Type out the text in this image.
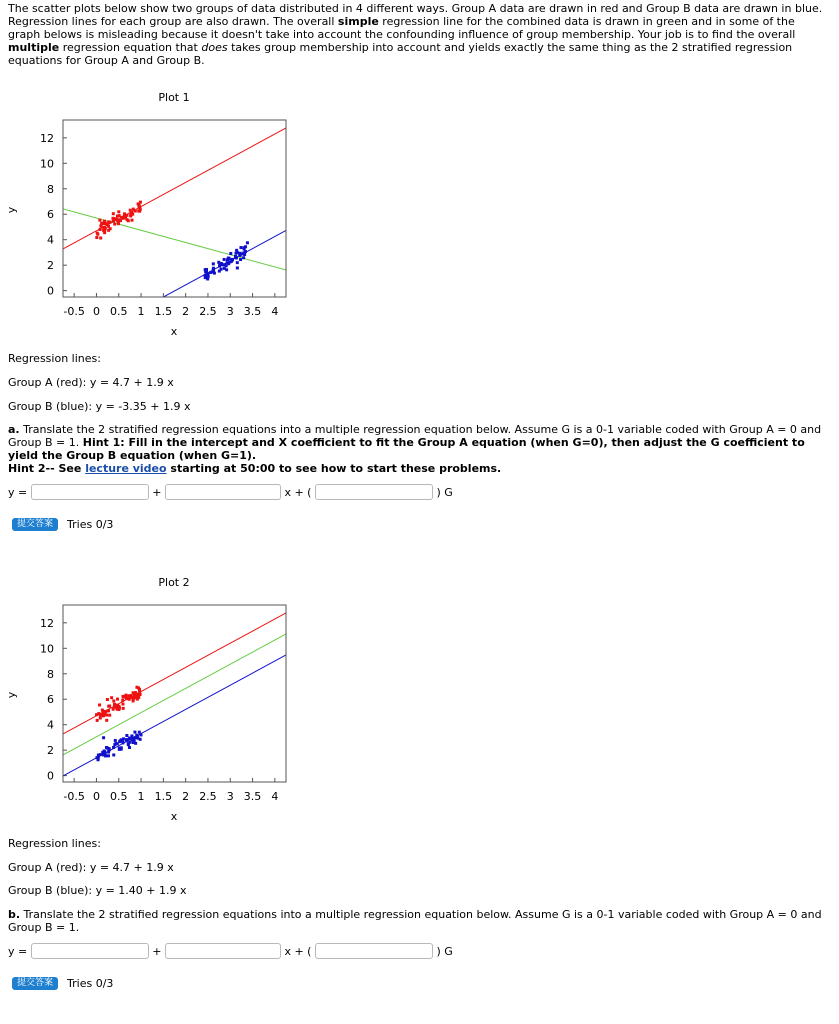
The scatter plots below show two groups of data distributed in 4 different ways. Group A data are drawn in red and Group B data are drawn in blue. Regression lines for each group are also drawn. The overall simple regression line for the combined data is drawn in green and in some of the graph belows is misleading because it doesn't take into account the confounding influence of group membership. Your job is to find the overall multiple regression equation that does takes group membership into account and yields exactly the same thing as the 2 stratified regression equations for Group A and Group B.
Plot 1
x
y
-0.5 0 0.5 1 1.5 2 2.5 3 3.5 4
0
2
4
6
8
10
12
Regression lines:
Group A (red): y = 4.7 + 1.9 x
Group B (blue): y = -3.35 + 1.9 x
a. Translate the 2 stratified regression equations into a multiple regression equation below. Assume G is a 0-1 variable coded with Group A = 0 and Group B = 1. Hint 1: Fill in the intercept and X coefficient to fit the Group A equation (when G=0), then adjust the G coefficient to yield the Group B equation (when G=1).
Hint 2-- See lecture video starting at 50:00 to see how to start these problems.
y =	+	x + (	) G
提交答案	Tries 0/3
Plot 2
x
y
-0.5 0 0.5 1 1.5 2 2.5 3 3.5 4
0
2
4
6
8
10
12
Regression lines:
Group A (red): y = 4.7 + 1.9 x
Group B (blue): y = 1.40 + 1.9 x
b. Translate the 2 stratified regression equations into a multiple regression equation below. Assume G is a 0-1 variable coded with Group A = 0 and Group B = 1.
y =	+	x + (	) G
提交答案	Tries 0/3
